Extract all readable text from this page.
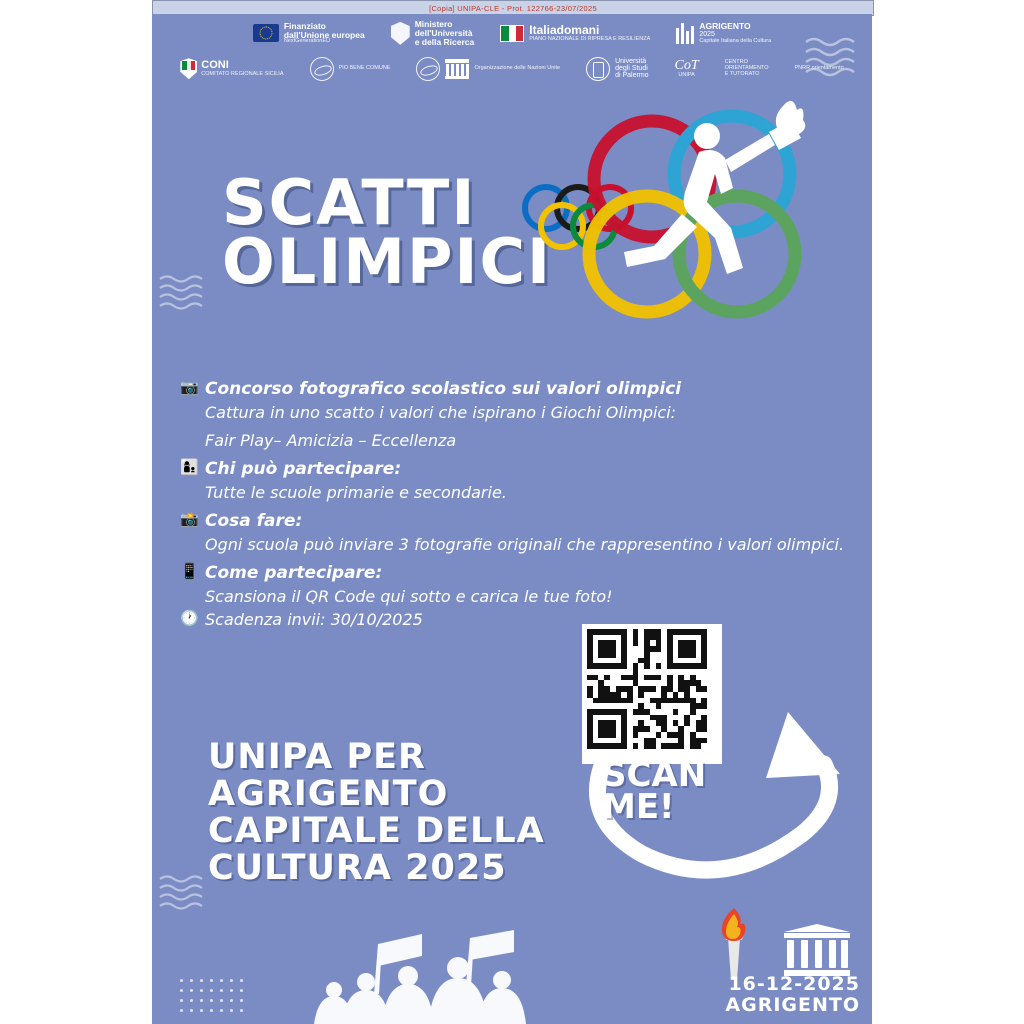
[Copia] UNIPA-CLE - Prot. 122766-23/07/2025
Finanziato
dall'Unione europea
NextGenerationEU
Ministero
dell'Università
e della Ricerca
Italiadomani
PIANO NAZIONALE DI RIPRESA E RESILIENZA
AGRIGENTO
2025
Capitale Italiana della Cultura
CONI
COMITATO REGIONALE SICILIA
PIO BENE COMUNE	Organizzazione delle Nazioni Unite
Università
degli Studi
di Palermo
CoT
UNIPA
CENTRO
ORIENTAMENTO
E TUTORATO
PNRR orientamento
SCATTI
OLIMPICI
📷 Concorso fotografico scolastico sui valori olimpici
Cattura in uno scatto i valori che ispirano i Giochi Olimpici:
Fair Play– Amicizia – Eccellenza
👩‍👦 Chi può partecipare:
Tutte le scuole primarie e secondarie.
📸 Cosa fare:
Ogni scuola può inviare 3 fotografie originali che rappresentino i valori olimpici.
📱 Come partecipare:
Scansiona il QR Code qui sotto e carica le tue foto!
🕐 Scadenza invii: 30/10/2025
UNIPA PER
AGRIGENTO
CAPITALE DELLA
CULTURA 2025
SCAN
ME!
16-12-2025
AGRIGENTO
